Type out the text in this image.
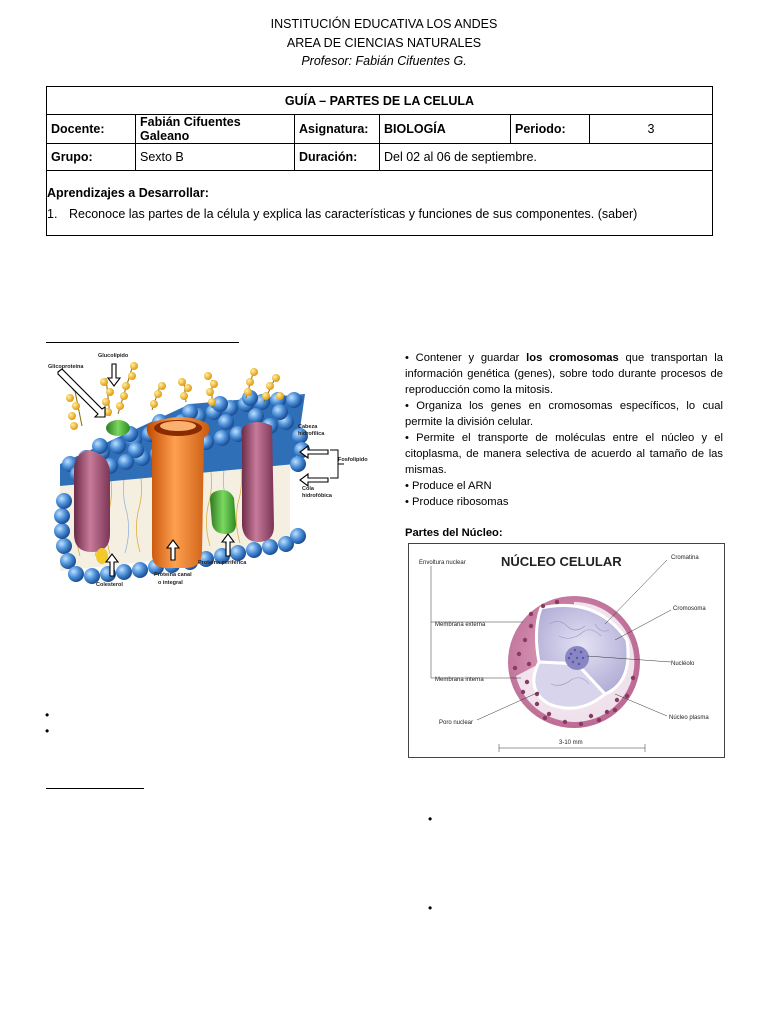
INSTITUCIÓN EDUCATIVA LOS ANDES
AREA DE CIENCIAS NATURALES
Profesor: Fabián Cifuentes G.
GUÍA – PARTES DE LA CELULA					
Docente:	Fabián Cifuentes Galeano	Asignatura:	BIOLOGÍA	Periodo:	3
Grupo:	Sexto B	Duración:	Del 02 al 06 de septiembre.		

Aprendizajes a Desarrollar:
1. Reconoce las partes de la célula y explica las características y funciones de sus componentes. (saber)					
Glucolípido
Glicoproteína
Cabeza
hidrofílica
Fosfolípido
Cola
hidrofóbica
Proteína periférica
Proteína canal
o integral
Colesterol

• Contener y guardar los cromosomas que transportan la información genética (genes), sobre todo durante procesos de reproducción como la mitosis.

• Organiza los genes en cromosomas específicos, lo cual permite la división celular.

• Permite el transporte de moléculas entre el núcleo y el citoplasma, de manera selectiva de acuerdo al tamaño de las mismas.

• Produce el ARN

• Produce ribosomas

Partes del Núcleo:
NÚCLEO CELULAR
Envoltura nuclear
Cromatina
Cromosoma
Membrana externa
Nucléolo
Membrana interna
Poro nuclear
Núcleo plasma
3-10 mm
•
•
•
•
